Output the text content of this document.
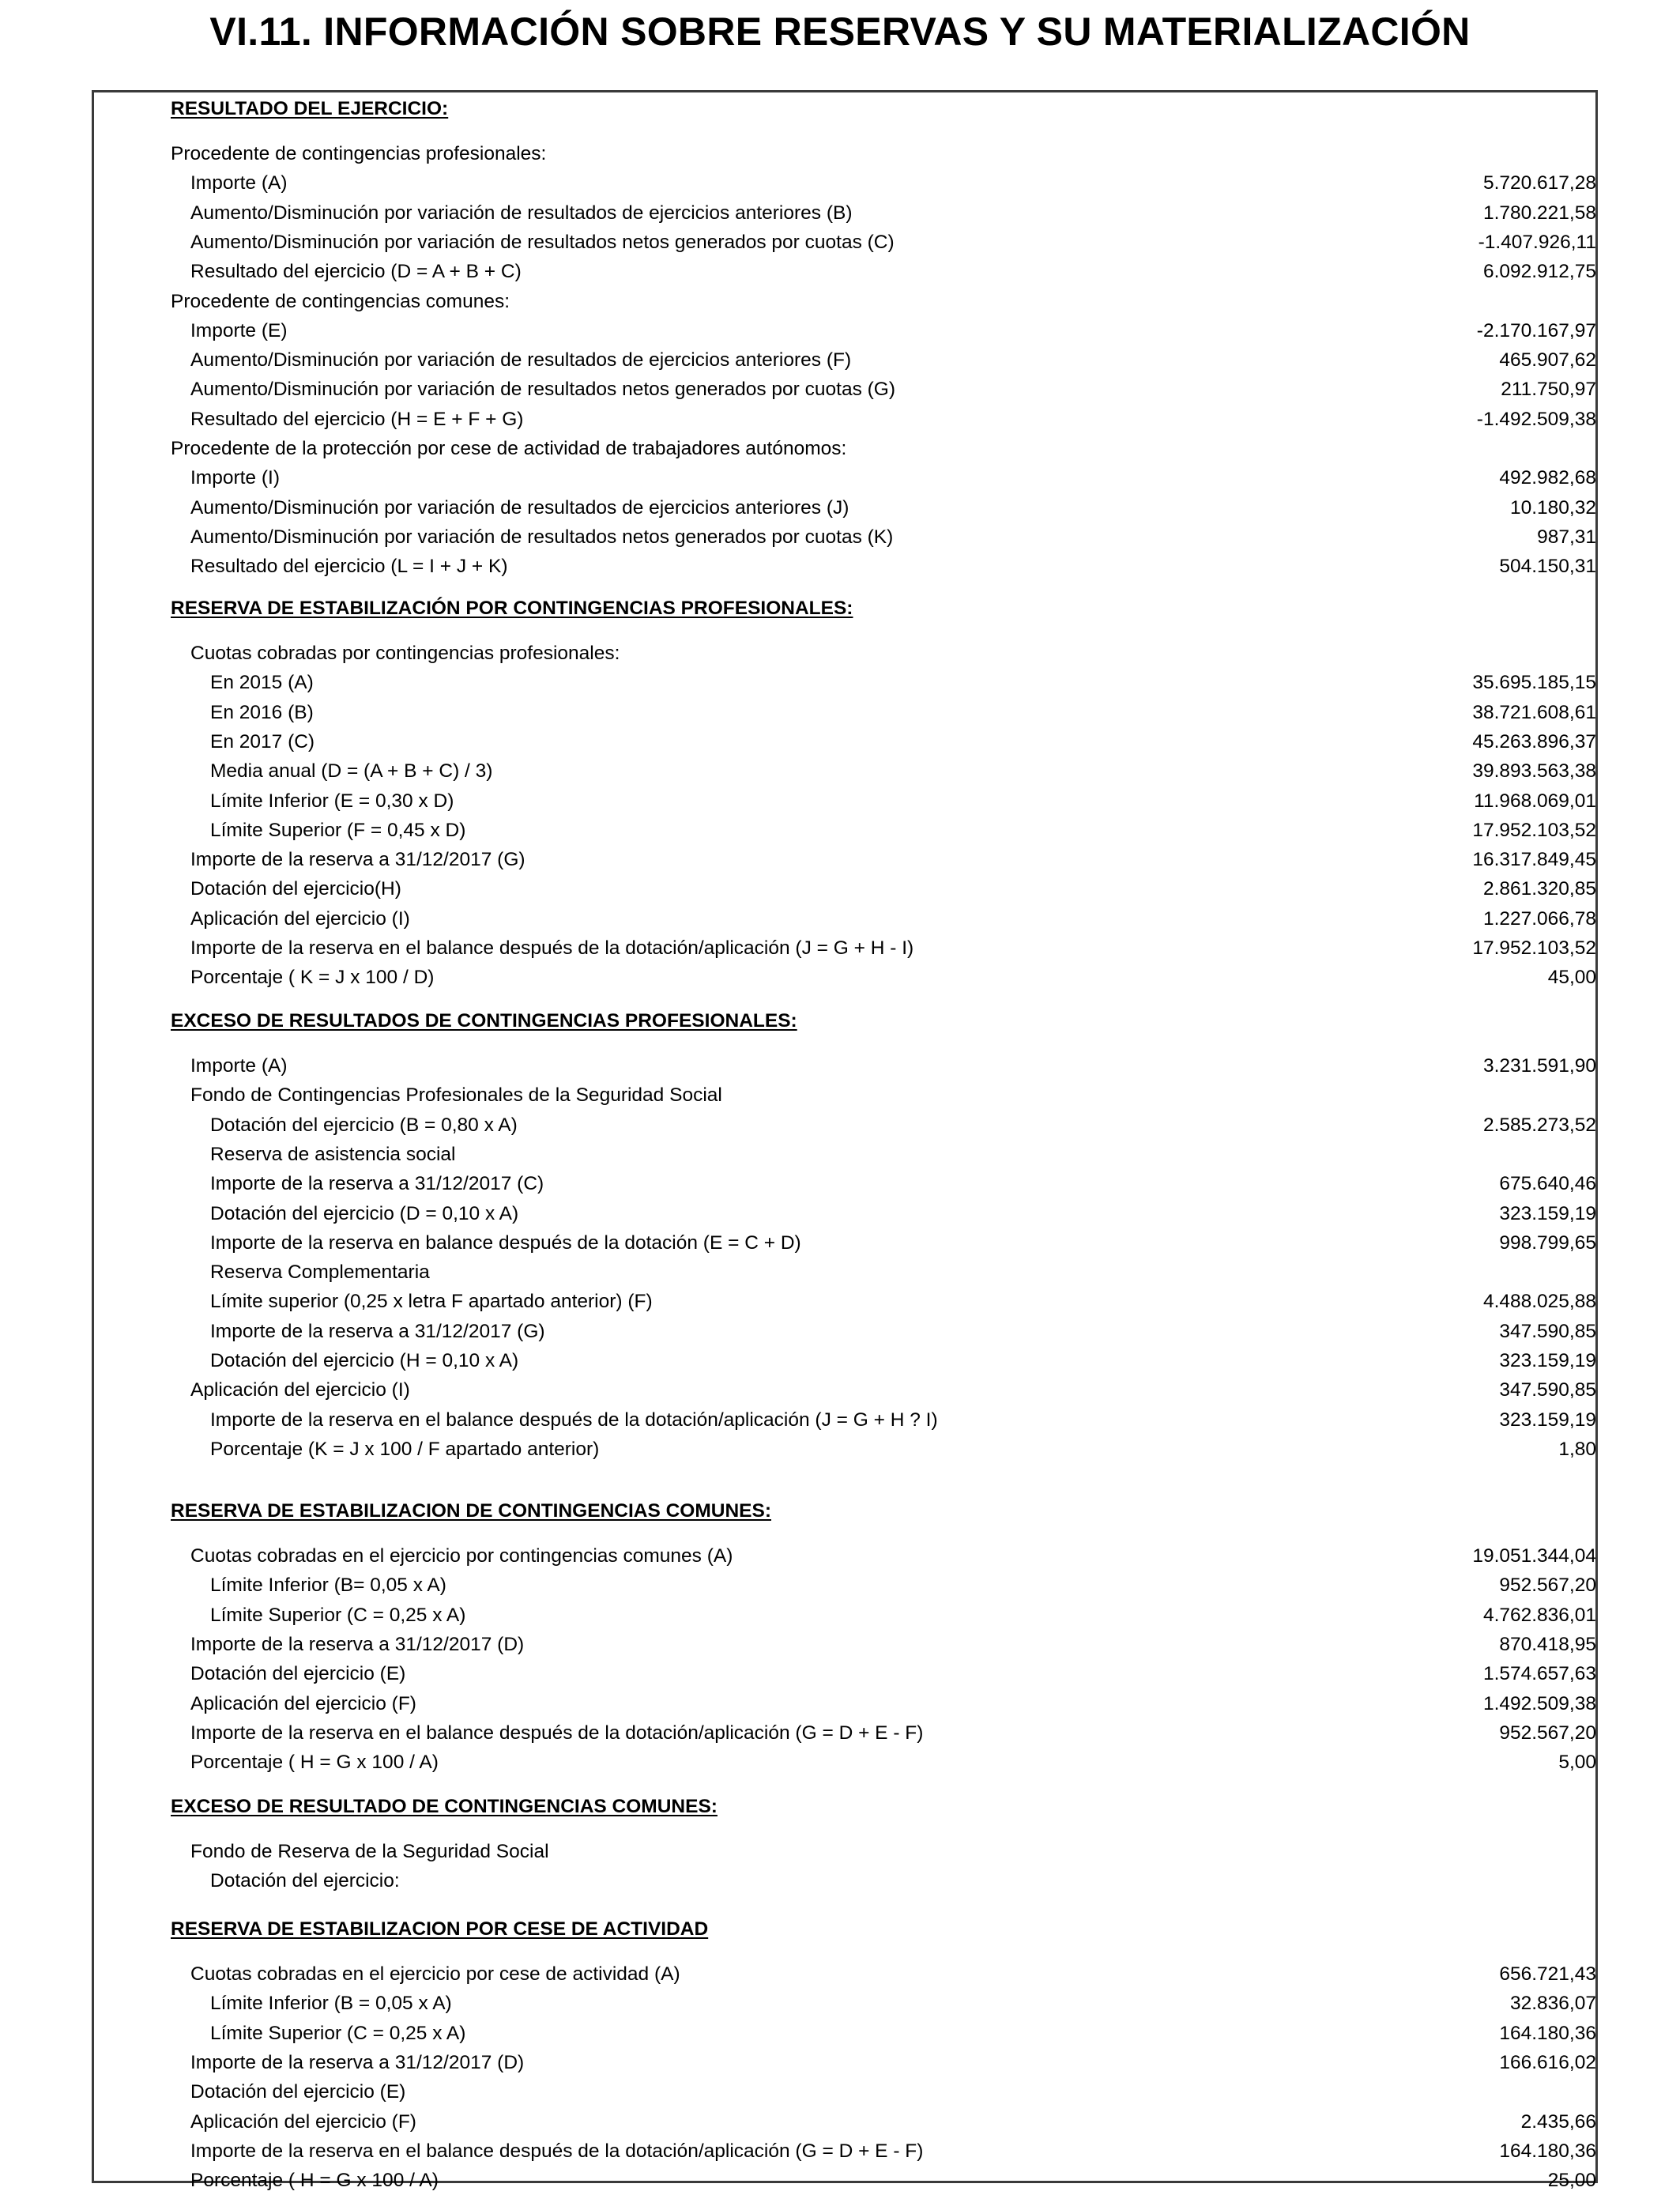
VI.11. INFORMACIÓN SOBRE RESERVAS Y SU MATERIALIZACIÓN
RESULTADO DEL EJERCICIO:
Procedente de contingencias profesionales:
Importe (A)	5.720.617,28
Aumento/Disminución por variación de resultados de ejercicios anteriores (B)	1.780.221,58
Aumento/Disminución por variación de resultados netos generados por cuotas (C)	-1.407.926,11
Resultado del ejercicio (D = A + B + C)	6.092.912,75
Procedente de contingencias comunes:
Importe (E)	-2.170.167,97
Aumento/Disminución por variación de resultados de ejercicios anteriores (F)	465.907,62
Aumento/Disminución por variación de resultados netos generados por cuotas (G)	211.750,97
Resultado del ejercicio (H = E + F + G)	-1.492.509,38
Procedente de la protección por cese de actividad de trabajadores autónomos:
Importe (I)	492.982,68
Aumento/Disminución por variación de resultados de ejercicios anteriores (J)	10.180,32
Aumento/Disminución por variación de resultados netos generados por cuotas (K)	987,31
Resultado del ejercicio (L = I + J + K)	504.150,31
RESERVA DE ESTABILIZACIÓN POR CONTINGENCIAS PROFESIONALES:
Cuotas cobradas por contingencias profesionales:
En 2015 (A)	35.695.185,15
En 2016 (B)	38.721.608,61
En 2017 (C)	45.263.896,37
Media anual (D = (A + B + C) / 3)	39.893.563,38
Límite Inferior (E = 0,30 x D)	11.968.069,01
Límite Superior (F = 0,45 x D)	17.952.103,52
Importe de la reserva a 31/12/2017 (G)	16.317.849,45
Dotación del ejercicio(H)	2.861.320,85
Aplicación del ejercicio (I)	1.227.066,78
Importe de la reserva en el balance después de la dotación/aplicación (J = G + H - I)	17.952.103,52
Porcentaje ( K = J x 100 / D)	45,00
EXCESO DE RESULTADOS DE CONTINGENCIAS PROFESIONALES:
Importe (A)	3.231.591,90
Fondo de Contingencias Profesionales de la Seguridad Social
Dotación del ejercicio (B = 0,80 x A)	2.585.273,52
Reserva de asistencia social
Importe de la reserva a 31/12/2017 (C)	675.640,46
Dotación del ejercicio (D = 0,10 x A)	323.159,19
Importe de la reserva en balance después de la dotación (E = C + D)	998.799,65
Reserva Complementaria
Límite superior (0,25 x letra F apartado anterior) (F)	4.488.025,88
Importe de la reserva a 31/12/2017 (G)	347.590,85
Dotación del ejercicio (H = 0,10 x A)	323.159,19
Aplicación del ejercicio (I)	347.590,85
Importe de la reserva en el balance después de la dotación/aplicación (J = G + H ? I)	323.159,19
Porcentaje (K = J x 100 / F apartado anterior)	1,80
RESERVA DE ESTABILIZACION DE CONTINGENCIAS COMUNES:
Cuotas cobradas en el ejercicio por contingencias comunes (A)	19.051.344,04
Límite Inferior (B= 0,05 x A)	952.567,20
Límite Superior (C = 0,25 x A)	4.762.836,01
Importe de la reserva a 31/12/2017 (D)	870.418,95
Dotación del ejercicio (E)	1.574.657,63
Aplicación del ejercicio (F)	1.492.509,38
Importe de la reserva en el balance después de la dotación/aplicación (G = D + E - F)	952.567,20
Porcentaje ( H = G x 100 / A)	5,00
EXCESO DE RESULTADO DE CONTINGENCIAS COMUNES:
Fondo de Reserva de la Seguridad Social
Dotación del ejercicio:
RESERVA DE ESTABILIZACION POR CESE DE ACTIVIDAD
Cuotas cobradas en el ejercicio por cese de actividad (A)	656.721,43
Límite Inferior (B = 0,05 x A)	32.836,07
Límite Superior (C = 0,25 x A)	164.180,36
Importe de la reserva a 31/12/2017 (D)	166.616,02
Dotación del ejercicio (E)
Aplicación del ejercicio (F)	2.435,66
Importe de la reserva en el balance después de la dotación/aplicación (G = D + E - F)	164.180,36
Porcentaje ( H = G x 100 / A)	25,00
